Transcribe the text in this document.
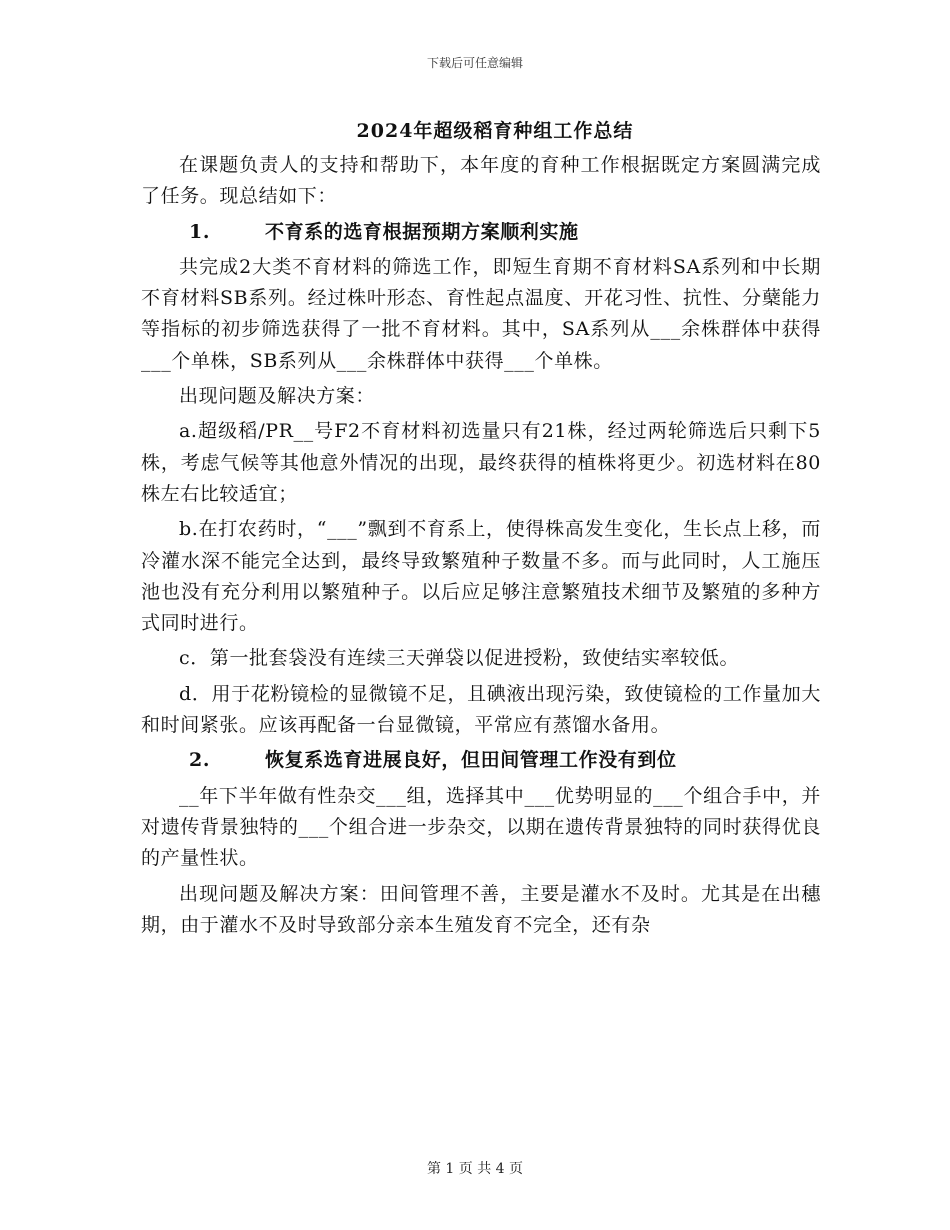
下载后可任意编辑
2024年超级稻育种组工作总结

在课题负责人的支持和帮助下，本年度的育种工作根据既定方案圆满完成了任务。现总结如下：

1.	不育系的选育根据预期方案顺利实施

共完成2大类不育材料的筛选工作，即短生育期不育材料SA系列和中长期不育材料SB系列。经过株叶形态、育性起点温度、开花习性、抗性、分蘖能力等指标的初步筛选获得了一批不育材料。其中，SA系列从___余株群体中获得___个单株，SB系列从___余株群体中获得___个单株。

出现问题及解决方案：

a.超级稻/PR__号F2不育材料初选量只有21株，经过两轮筛选后只剩下5株，考虑气候等其他意外情况的出现，最终获得的植株将更少。初选材料在80株左右比较适宜；

b.在打农药时，“___”飘到不育系上，使得株高发生变化，生长点上移，而冷灌水深不能完全达到，最终导致繁殖种子数量不多。而与此同时，人工施压池也没有充分利用以繁殖种子。以后应足够注意繁殖技术细节及繁殖的多种方式同时进行。

c．第一批套袋没有连续三天弹袋以促进授粉，致使结实率较低。

d．用于花粉镜检的显微镜不足，且碘液出现污染，致使镜检的工作量加大和时间紧张。应该再配备一台显微镜，平常应有蒸馏水备用。

2.	恢复系选育进展良好，但田间管理工作没有到位

__年下半年做有性杂交___组，选择其中___优势明显的___个组合手中，并对遗传背景独特的___个组合进一步杂交，以期在遗传背景独特的同时获得优良的产量性状。

出现问题及解决方案：田间管理不善，主要是灌水不及时。尤其是在出穗期，由于灌水不及时导致部分亲本生殖发育不完全，还有杂

第 1 页 共 4 页
